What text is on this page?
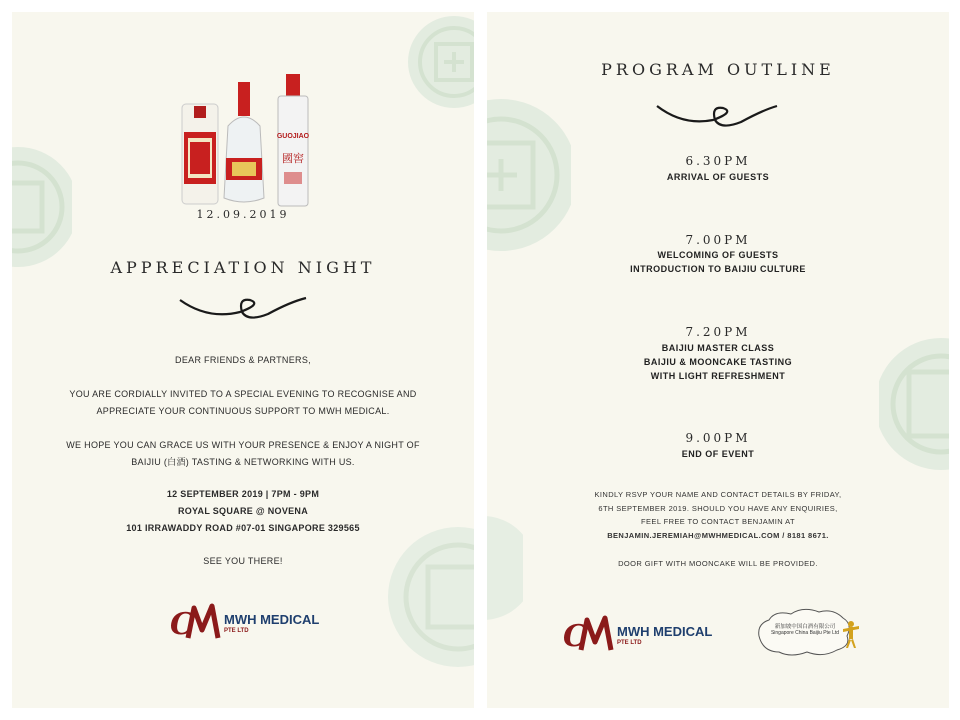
GUOJIAO
國窖
12.09.2019
APPRECIATION NIGHT
DEAR FRIENDS & PARTNERS,
YOU ARE CORDIALLY INVITED TO A SPECIAL EVENING TO RECOGNISE AND
APPRECIATE YOUR CONTINUOUS SUPPORT TO MWH MEDICAL.
WE HOPE YOU CAN GRACE US WITH YOUR PRESENCE & ENJOY A NIGHT OF
BAIJIU (白酒) TASTING & NETWORKING WITH US.
12 SEPTEMBER 2019 | 7PM - 9PM
ROYAL SQUARE @ NOVENA
101 IRRAWADDY ROAD #07-01 SINGAPORE 329565
SEE YOU THERE!
C MWH MEDICAL
PTE LTD
PROGRAM OUTLINE
6.30PM
ARRIVAL OF GUESTS
7.00PM
WELCOMING OF GUESTS
INTRODUCTION TO BAIJIU CULTURE
7.20PM
BAIJIU MASTER CLASS
BAIJIU & MOONCAKE TASTING
WITH LIGHT REFRESHMENT
9.00PM
END OF EVENT
KINDLY RSVP YOUR NAME AND CONTACT DETAILS BY FRIDAY,
6TH SEPTEMBER 2019. SHOULD YOU HAVE ANY ENQUIRIES,
FEEL FREE TO CONTACT BENJAMIN AT
BENJAMIN.JEREMIAH@MWHMEDICAL.COM / 8181 8671.
DOOR GIFT WITH MOONCAKE WILL BE PROVIDED.
C MWH MEDICAL
PTE LTD
新加坡中国白酒有限公司
Singapore China Baijiu Pte Ltd
